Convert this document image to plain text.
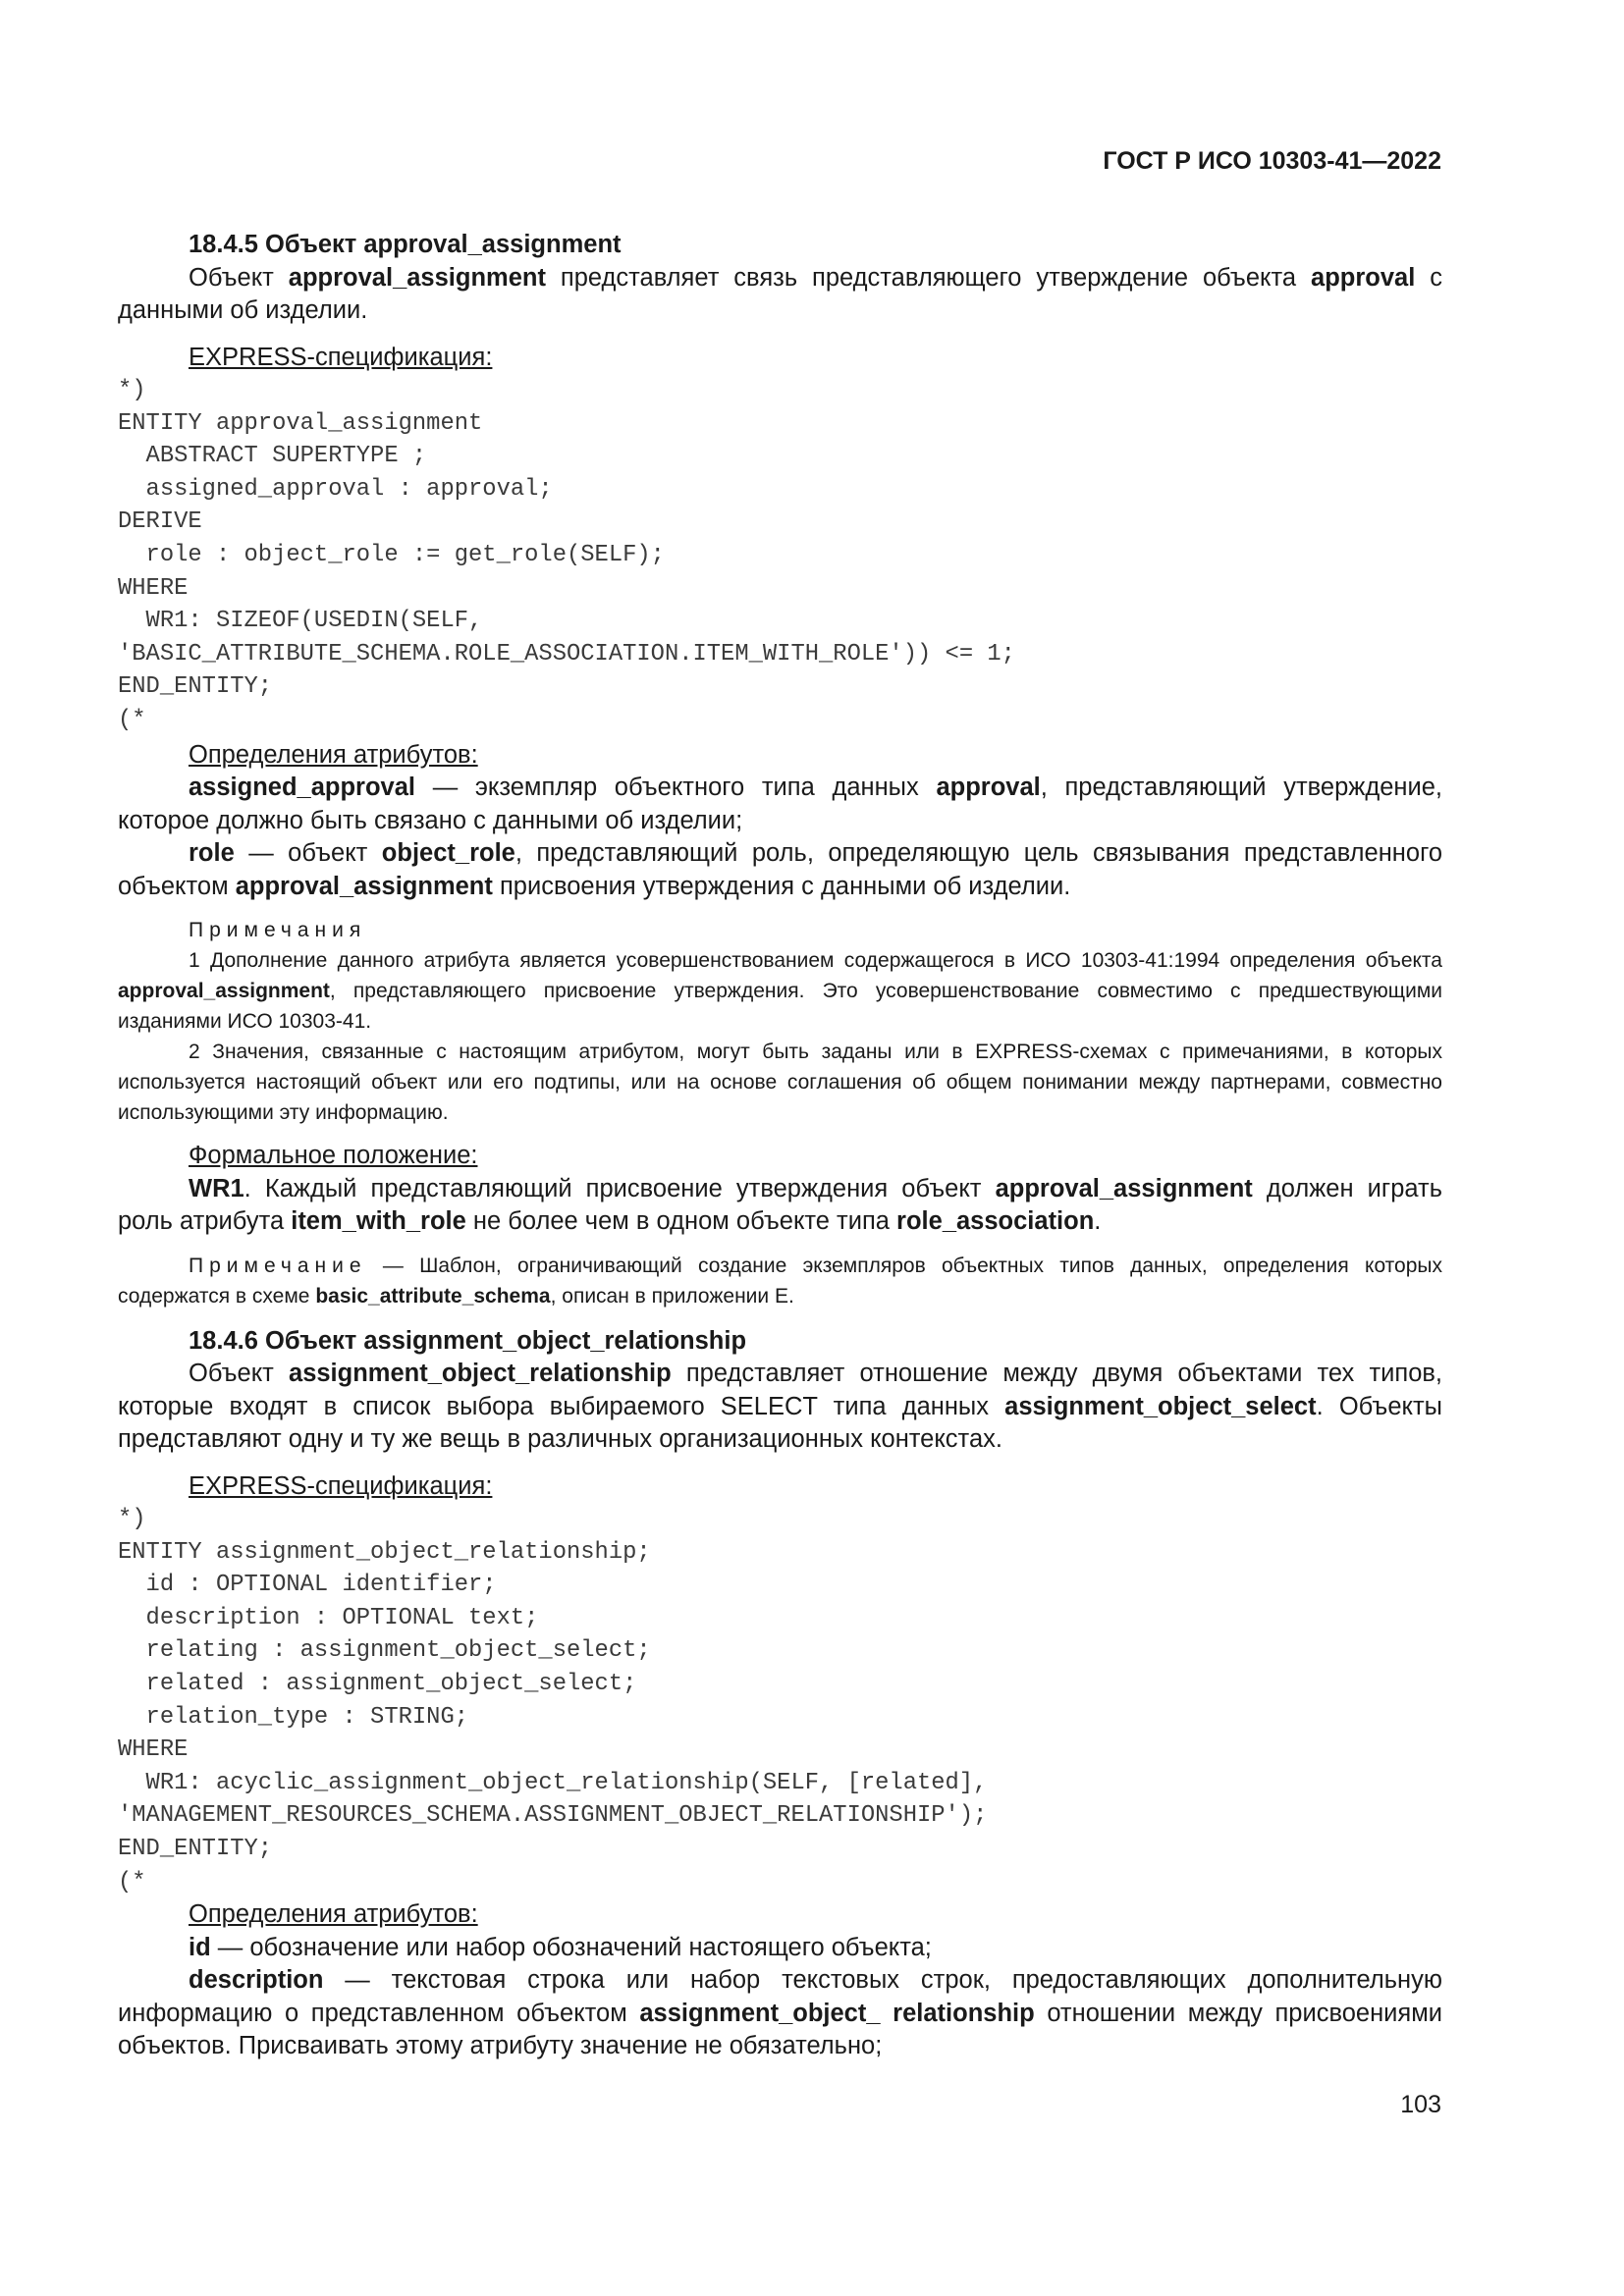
ГОСТ Р ИСО 10303-41—2022

18.4.5 Объект approval_assignment

Объект approval_assignment представляет связь представляющего утверждение объекта approval с данными об изделии.

EXPRESS-спецификация:

*)
ENTITY approval_assignment
ABSTRACT SUPERTYPE ;
assigned_approval : approval;
DERIVE
role : object_role := get_role(SELF);
WHERE
WR1: SIZEOF(USEDIN(SELF,
'BASIC_ATTRIBUTE_SCHEMA.ROLE_ASSOCIATION.ITEM_WITH_ROLE')) <= 1;
END_ENTITY;
(*

Определения атрибутов:

assigned_approval — экземпляр объектного типа данных approval, представляющий утверждение, которое должно быть связано с данными об изделии;

role — объект object_role, представляющий роль, определяющую цель связывания представленного объектом approval_assignment присвоения утверждения с данными об изделии.

Примечания

1 Дополнение данного атрибута является усовершенствованием содержащегося в ИСО 10303-41:1994 определения объекта approval_assignment, представляющего присвоение утверждения. Это усовершенствование совместимо с предшествующими изданиями ИСО 10303-41.

2 Значения, связанные с настоящим атрибутом, могут быть заданы или в EXPRESS-схемах с примечаниями, в которых используется настоящий объект или его подтипы, или на основе соглашения об общем понимании между партнерами, совместно использующими эту информацию.

Формальное положение:

WR1. Каждый представляющий присвоение утверждения объект approval_assignment должен играть роль атрибута item_with_role не более чем в одном объекте типа role_association.

Примечание — Шаблон, ограничивающий создание экземпляров объектных типов данных, определения которых содержатся в схеме basic_attribute_schema, описан в приложении E.

18.4.6 Объект assignment_object_relationship

Объект assignment_object_relationship представляет отношение между двумя объектами тех типов, которые входят в список выбора выбираемого SELECT типа данных assignment_object_select. Объекты представляют одну и ту же вещь в различных организационных контекстах.

EXPRESS-спецификация:

*)
ENTITY assignment_object_relationship;
id : OPTIONAL identifier;
description : OPTIONAL text;
relating : assignment_object_select;
related : assignment_object_select;
relation_type : STRING;
WHERE
WR1: acyclic_assignment_object_relationship(SELF, [related],
'MANAGEMENT_RESOURCES_SCHEMA.ASSIGNMENT_OBJECT_RELATIONSHIP');
END_ENTITY;
(*

Определения атрибутов:

id — обозначение или набор обозначений настоящего объекта;

description — текстовая строка или набор текстовых строк, предоставляющих дополнительную информацию о представленном объектом assignment_object_ relationship отношении между присвоениями объектов. Присваивать этому атрибуту значение не обязательно;

103
